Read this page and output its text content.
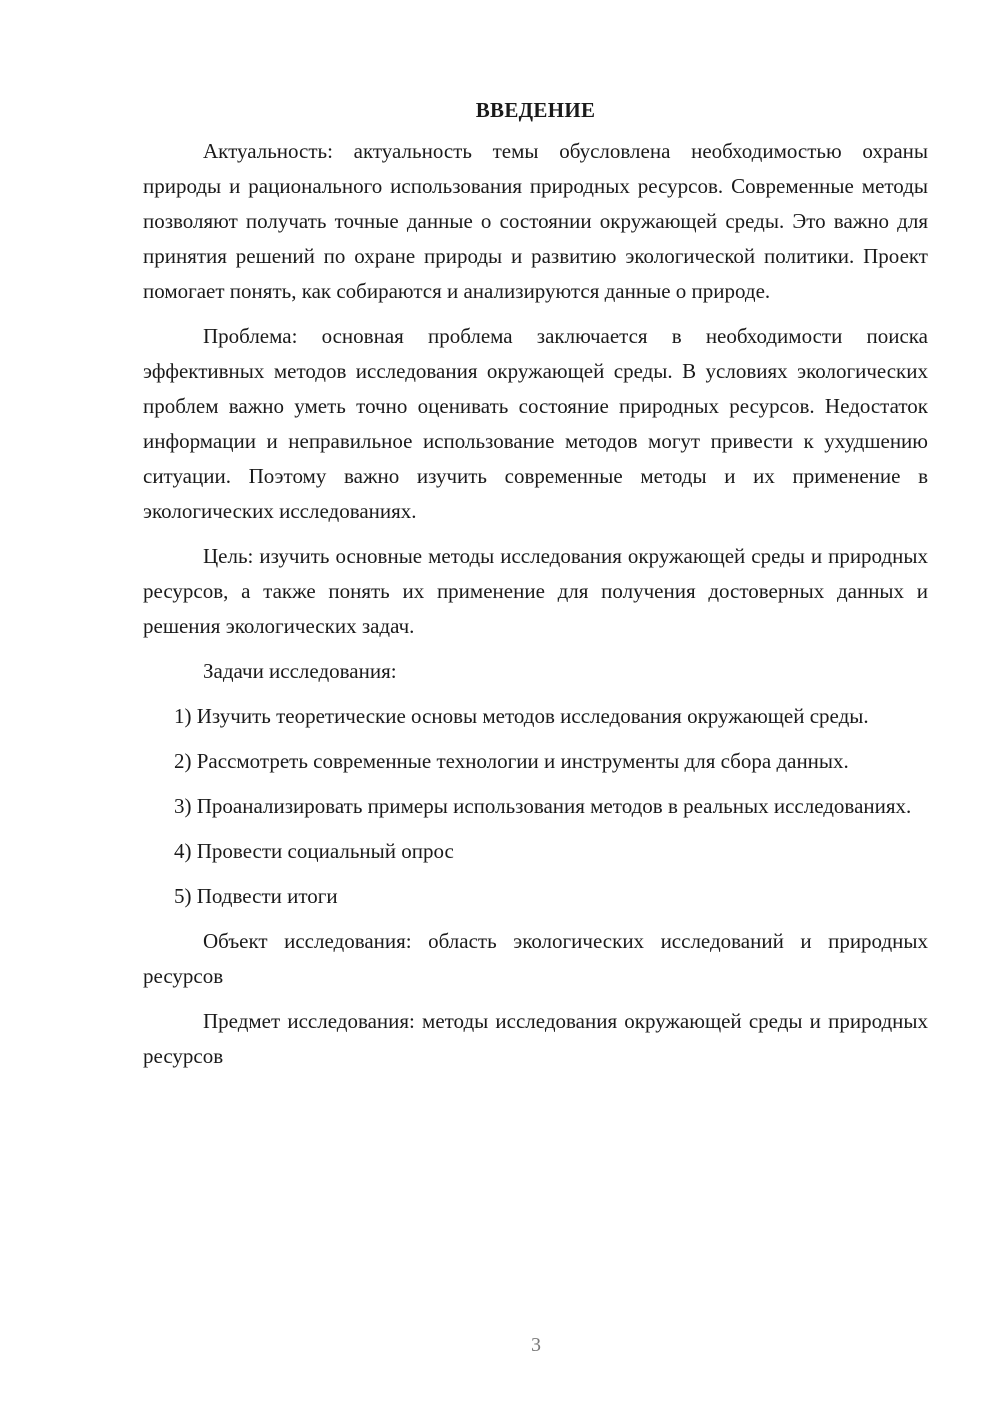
ВВЕДЕНИЕ

Актуальность: актуальность темы обусловлена необходимостью охраны природы и рационального использования природных ресурсов. Современные методы позволяют получать точные данные о состоянии окружающей среды. Это важно для принятия решений по охране природы и развитию экологической политики. Проект помогает понять, как собираются и анализируются данные о природе.

Проблема: основная проблема заключается в необходимости поиска эффективных методов исследования окружающей среды. В условиях экологических проблем важно уметь точно оценивать состояние природных ресурсов. Недостаток информации и неправильное использование методов могут привести к ухудшению ситуации. Поэтому важно изучить современные методы и их применение в экологических исследованиях.

Цель: изучить основные методы исследования окружающей среды и природных ресурсов, а также понять их применение для получения достоверных данных и решения экологических задач.

Задачи исследования:

1) Изучить теоретические основы методов исследования окружающей среды.
2) Рассмотреть современные технологии и инструменты для сбора данных.
3) Проанализировать примеры использования методов в реальных исследованиях.
4) Провести социальный опрос
5) Подвести итоги

Объект исследования: область экологических исследований и природных ресурсов

Предмет исследования: методы исследования окружающей среды и природных ресурсов

3
